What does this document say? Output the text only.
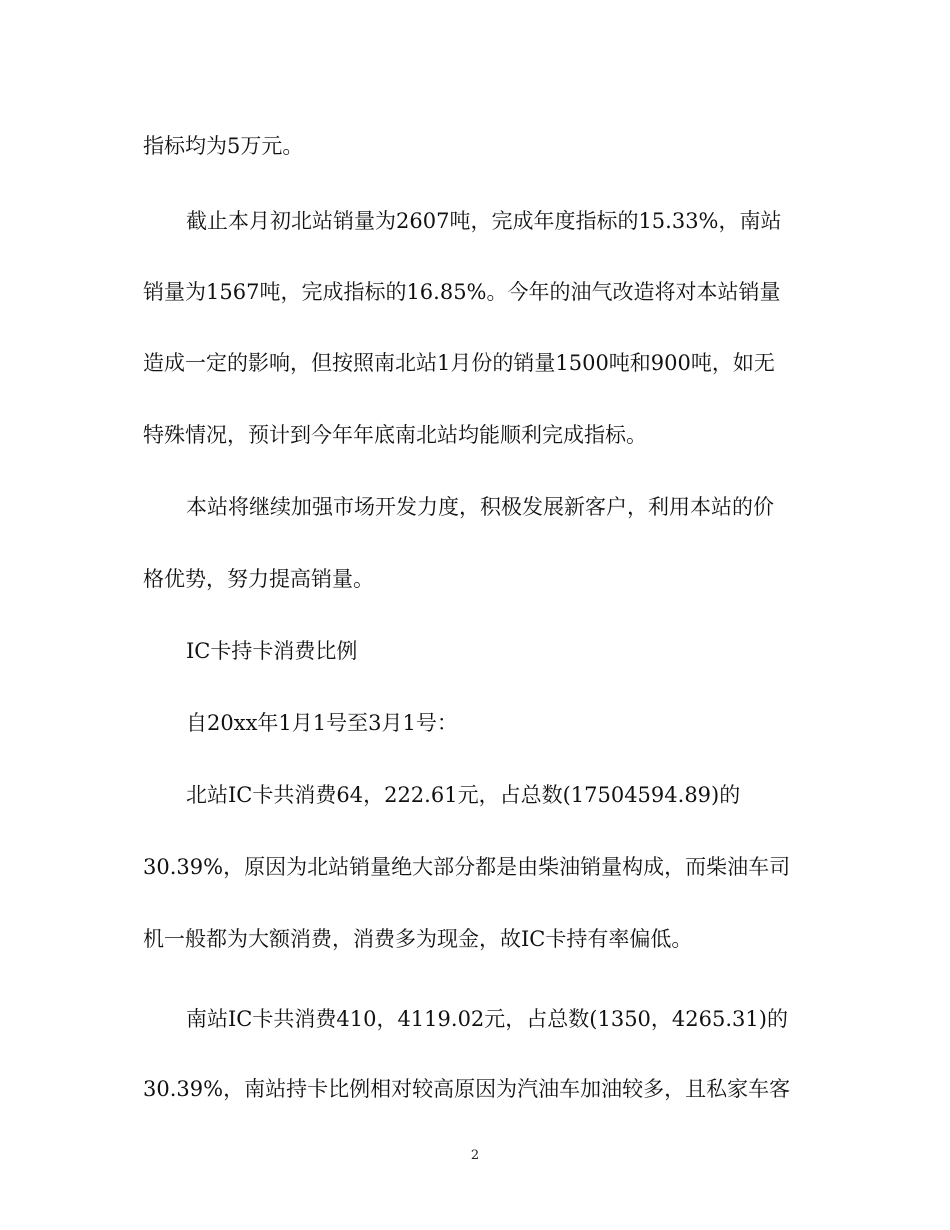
指标均为5万元。
截止本月初北站销量为2607吨，完成年度指标的15.33%，南站
销量为1567吨，完成指标的16.85%。今年的油气改造将对本站销量
造成一定的影响，但按照南北站1月份的销量1500吨和900吨，如无
特殊情况，预计到今年年底南北站均能顺利完成指标。
本站将继续加强市场开发力度，积极发展新客户，利用本站的价
格优势，努力提高销量。
IC卡持卡消费比例
自20xx年1月1号至3月1号：
北站IC卡共消费64，222.61元，占总数(17504594.89)的
30.39%，原因为北站销量绝大部分都是由柴油销量构成，而柴油车司
机一般都为大额消费，消费多为现金，故IC卡持有率偏低。
南站IC卡共消费410，4119.02元，占总数(1350，4265.31)的
30.39%，南站持卡比例相对较高原因为汽油车加油较多，且私家车客
2
